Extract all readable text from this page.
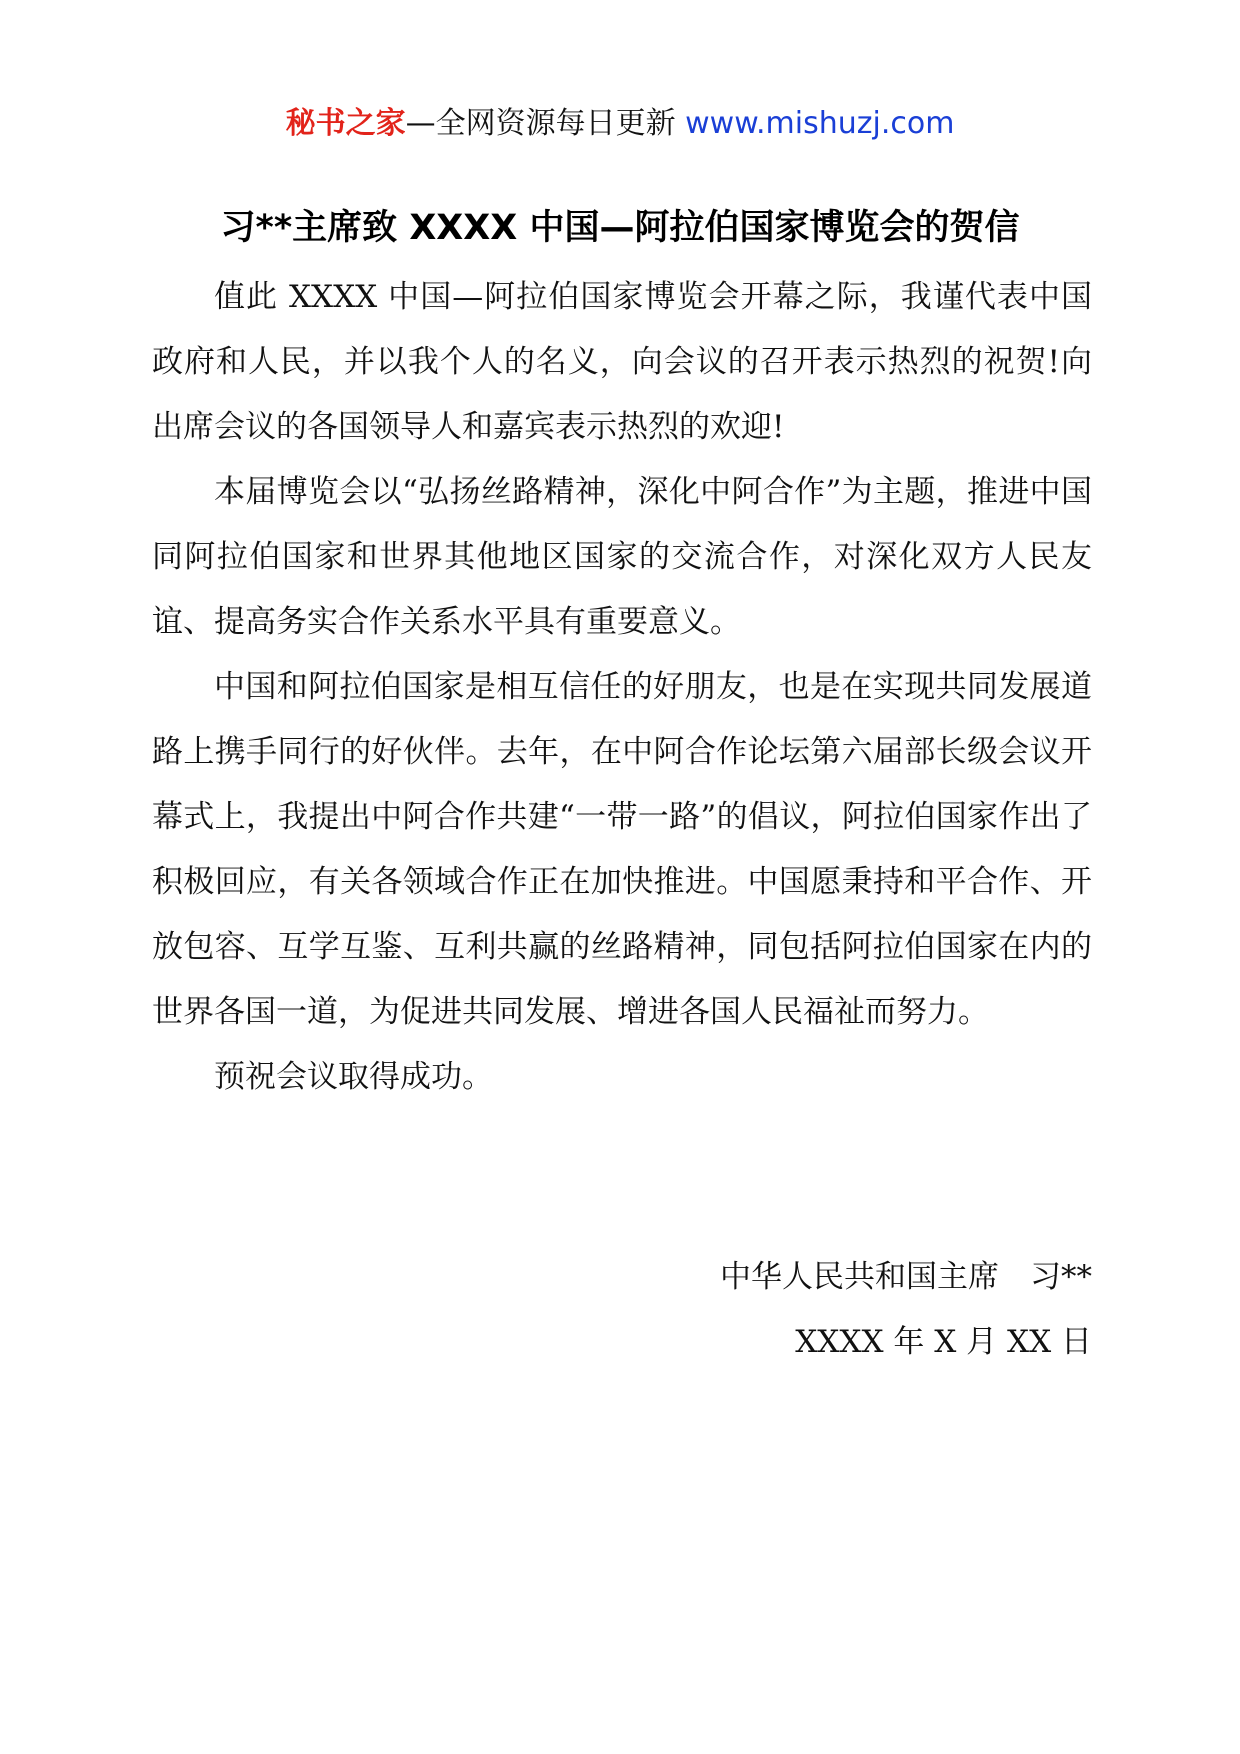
秘书之家—全网资源每日更新 www.mishuzj.com
习**主席致 XXXX 中国—阿拉伯国家博览会的贺信

值此 XXXX 中国—阿拉伯国家博览会开幕之际，我谨代表中国政府和人民，并以我个人的名义，向会议的召开表示热烈的祝贺!向出席会议的各国领导人和嘉宾表示热烈的欢迎!

本届博览会以“弘扬丝路精神，深化中阿合作”为主题，推进中国同阿拉伯国家和世界其他地区国家的交流合作，对深化双方人民友谊、提高务实合作关系水平具有重要意义。

中国和阿拉伯国家是相互信任的好朋友，也是在实现共同发展道路上携手同行的好伙伴。去年，在中阿合作论坛第六届部长级会议开幕式上，我提出中阿合作共建“一带一路”的倡议，阿拉伯国家作出了积极回应，有关各领域合作正在加快推进。中国愿秉持和平合作、开放包容、互学互鉴、互利共赢的丝路精神，同包括阿拉伯国家在内的世界各国一道，为促进共同发展、增进各国人民福祉而努力。

预祝会议取得成功。

中华人民共和国主席　习**
XXXX 年 X 月 XX 日
